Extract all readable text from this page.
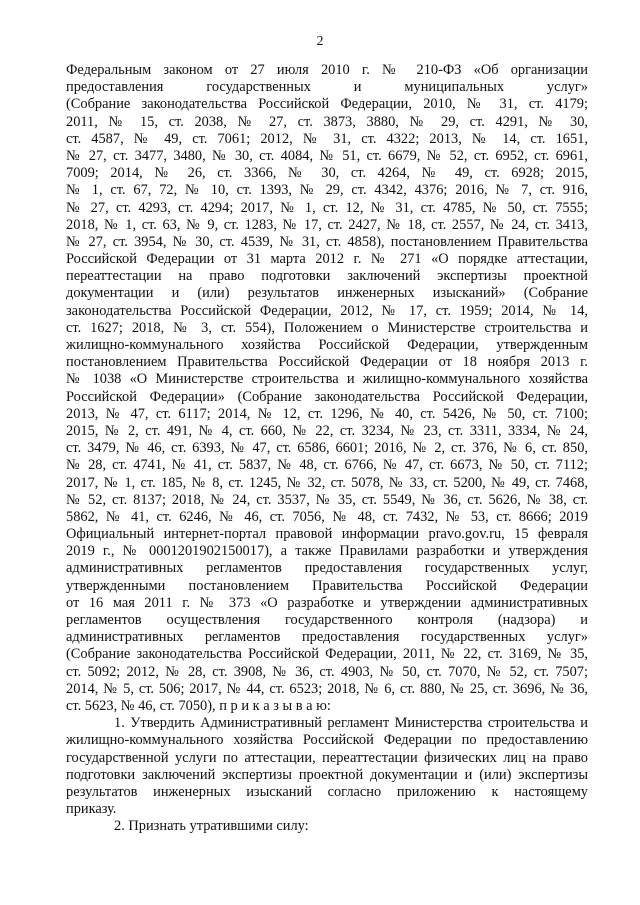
2
Федеральным законом от 27 июля 2010 г. № 210-ФЗ «Об организации
предоставления государственных и муниципальных услуг»
(Собрание законодательства Российской Федерации, 2010, № 31, ст. 4179;
2011, № 15, ст. 2038, № 27, ст. 3873, 3880, № 29, ст. 4291, № 30,
ст. 4587, № 49, ст. 7061; 2012, № 31, ст. 4322; 2013, № 14, ст. 1651,
№ 27, ст. 3477, 3480, № 30, ст. 4084, № 51, ст. 6679, № 52, ст. 6952, ст. 6961,
7009; 2014, № 26, ст. 3366, № 30, ст. 4264, № 49, ст. 6928; 2015,
№ 1, ст. 67, 72, № 10, ст. 1393, № 29, ст. 4342, 4376; 2016, № 7, ст. 916,
№ 27, ст. 4293, ст. 4294; 2017, № 1, ст. 12, № 31, ст. 4785, № 50, ст. 7555;
2018, № 1, ст. 63, № 9, ст. 1283, № 17, ст. 2427, № 18, ст. 2557, № 24, ст. 3413,
№ 27, ст. 3954, № 30, ст. 4539, № 31, ст. 4858), постановлением Правительства
Российской Федерации от 31 марта 2012 г. № 271 «О порядке аттестации,
переаттестации на право подготовки заключений экспертизы проектной
документации и (или) результатов инженерных изысканий» (Собрание
законодательства Российской Федерации, 2012, № 17, ст. 1959; 2014, № 14,
ст. 1627; 2018, № 3, ст. 554), Положением о Министерстве строительства и
жилищно-коммунального хозяйства Российской Федерации, утвержденным
постановлением Правительства Российской Федерации от 18 ноября 2013 г.
№ 1038 «О Министерстве строительства и жилищно-коммунального хозяйства
Российской Федерации» (Собрание законодательства Российской Федерации,
2013, № 47, ст. 6117; 2014, № 12, ст. 1296, № 40, ст. 5426, № 50, ст. 7100;
2015, № 2, ст. 491, № 4, ст. 660, № 22, ст. 3234, № 23, ст. 3311, 3334, № 24,
ст. 3479, № 46, ст. 6393, № 47, ст. 6586, 6601; 2016, № 2, ст. 376, № 6, ст. 850,
№ 28, ст. 4741, № 41, ст. 5837, № 48, ст. 6766, № 47, ст. 6673, № 50, ст. 7112;
2017, № 1, ст. 185, № 8, ст. 1245, № 32, ст. 5078, № 33, ст. 5200, № 49, ст. 7468,
№ 52, ст. 8137; 2018, № 24, ст. 3537, № 35, ст. 5549, № 36, ст. 5626, № 38, ст.
5862, № 41, ст. 6246, № 46, ст. 7056, № 48, ст. 7432, № 53, ст. 8666; 2019
Официальный интернет-портал правовой информации pravo.gov.ru, 15 февраля
2019 г., № 0001201902150017), а также Правилами разработки и утверждения
административных регламентов предоставления государственных услуг,
утвержденными постановлением Правительства Российской Федерации
от 16 мая 2011 г. № 373 «О разработке и утверждении административных
регламентов осуществления государственного контроля (надзора) и
административных регламентов предоставления государственных услуг»
(Собрание законодательства Российской Федерации, 2011, № 22, ст. 3169, № 35,
ст. 5092; 2012, № 28, ст. 3908, № 36, ст. 4903, № 50, ст. 7070, № 52, ст. 7507;
2014, № 5, ст. 506; 2017, № 44, ст. 6523; 2018, № 6, ст. 880, № 25, ст. 3696, № 36,
ст. 5623, № 46, ст. 7050), п р и к а з ы в а ю:
1. Утвердить Административный регламент Министерства строительства и
жилищно-коммунального хозяйства Российской Федерации по предоставлению
государственной услуги по аттестации, переаттестации физических лиц на право
подготовки заключений экспертизы проектной документации и (или) экспертизы
результатов инженерных изысканий согласно приложению к настоящему
приказу.
2. Признать утратившими силу:
